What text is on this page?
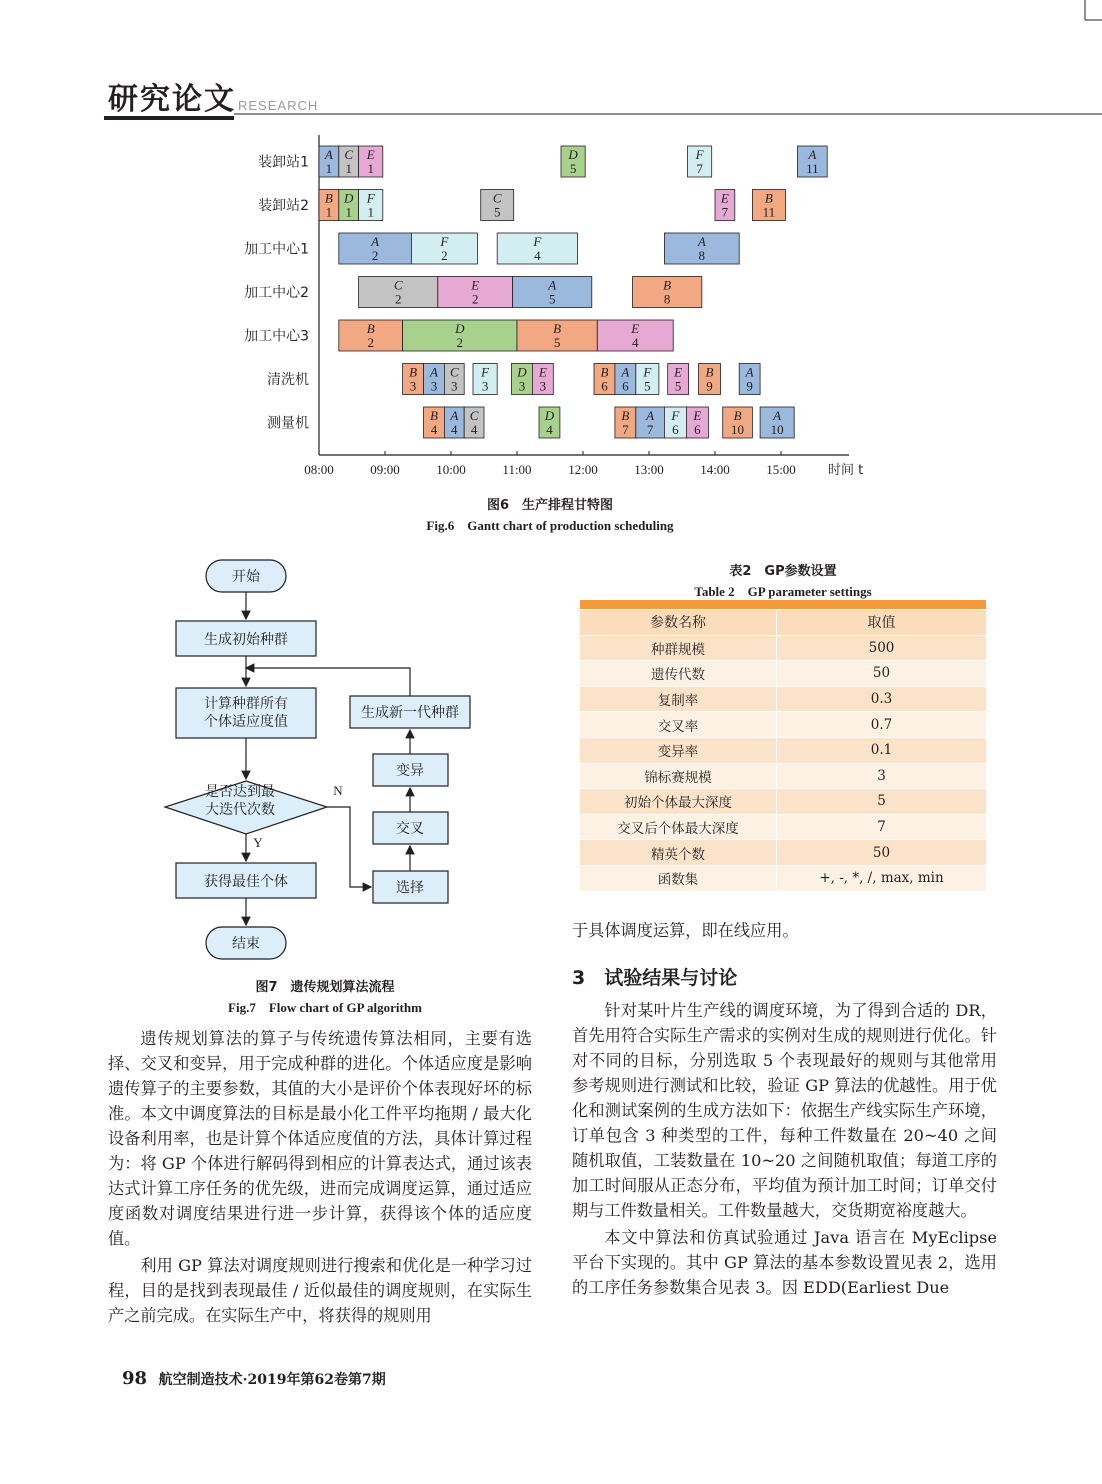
研究论文 RESEARCH
装卸站1
装卸站2
加工中心1
加工中心2
加工中心3
清洗机
测量机
08:00	09:00	10:00	11:00	12:00	13:00	14:00	15:00 时间 t
A
1
C
1
E
1
D
5
F
7
A
11
B
1
D
1
F
1
C
5
E
7
B
11
A
2
F
2
F
4
A
8
C
2
E
2
A
5
B
8
B
2
D
2
B
5
E
4
B
3
A
3
C
3
F
3
D
3
E
3
B
6
A
6
F
5
E
5
B
9
A
9
B
4
A
4
C
4
D
4
B
7
A
7
F
6
E
6
B
10
A
10
图6　生产排程甘特图
Fig.6　Gantt chart of production scheduling
开始
生成初始种群
计算种群所有
个体适应度值
是否达到最
大迭代次数
获得最佳个体
结束
选择
交叉
变异
生成新一代种群
Y
N
图7　遗传规划算法流程
Fig.7　Flow chart of GP algorithm
表2　GP参数设置
Table 2　GP parameter settings
参数名称	取值
种群规模	500
遗传代数	50
复制率	0.3
交叉率	0.7
变异率	0.1
锦标赛规模	3
初始个体最大深度	5
交叉后个体最大深度	7
精英个数	50
函数集	+, -, *, /, max, min

遗传规划算法的算子与传统遗传算法相同，主要有选择、交叉和变异，用于完成种群的进化。个体适应度是影响遗传算子的主要参数，其值的大小是评价个体表现好坏的标准。本文中调度算法的目标是最小化工件平均拖期 / 最大化设备利用率，也是计算个体适应度值的方法，具体计算过程为：将 GP 个体进行解码得到相应的计算表达式，通过该表达式计算工序任务的优先级，进而完成调度运算，通过适应度函数对调度结果进行进一步计算，获得该个体的适应度值。

利用 GP 算法对调度规则进行搜索和优化是一种学习过程，目的是找到表现最佳 / 近似最佳的调度规则，在实际生产之前完成。在实际生产中，将获得的规则用

于具体调度运算，即在线应用。

3　试验结果与讨论

针对某叶片生产线的调度环境，为了得到合适的 DR，首先用符合实际生产需求的实例对生成的规则进行优化。针对不同的目标，分别选取 5 个表现最好的规则与其他常用参考规则进行测试和比较，验证 GP 算法的优越性。用于优化和测试案例的生成方法如下：依据生产线实际生产环境，订单包含 3 种类型的工件，每种工件数量在 20~40 之间随机取值，工装数量在 10~20 之间随机取值；每道工序的加工时间服从正态分布，平均值为预计加工时间；订单交付期与工件数量相关。工件数量越大，交货期宽裕度越大。

本文中算法和仿真试验通过 Java 语言在 MyEclipse 平台下实现的。其中 GP 算法的基本参数设置见表 2，选用的工序任务参数集合见表 3。因 EDD(Earliest Due

98 航空制造技术·2019年第62卷第7期
